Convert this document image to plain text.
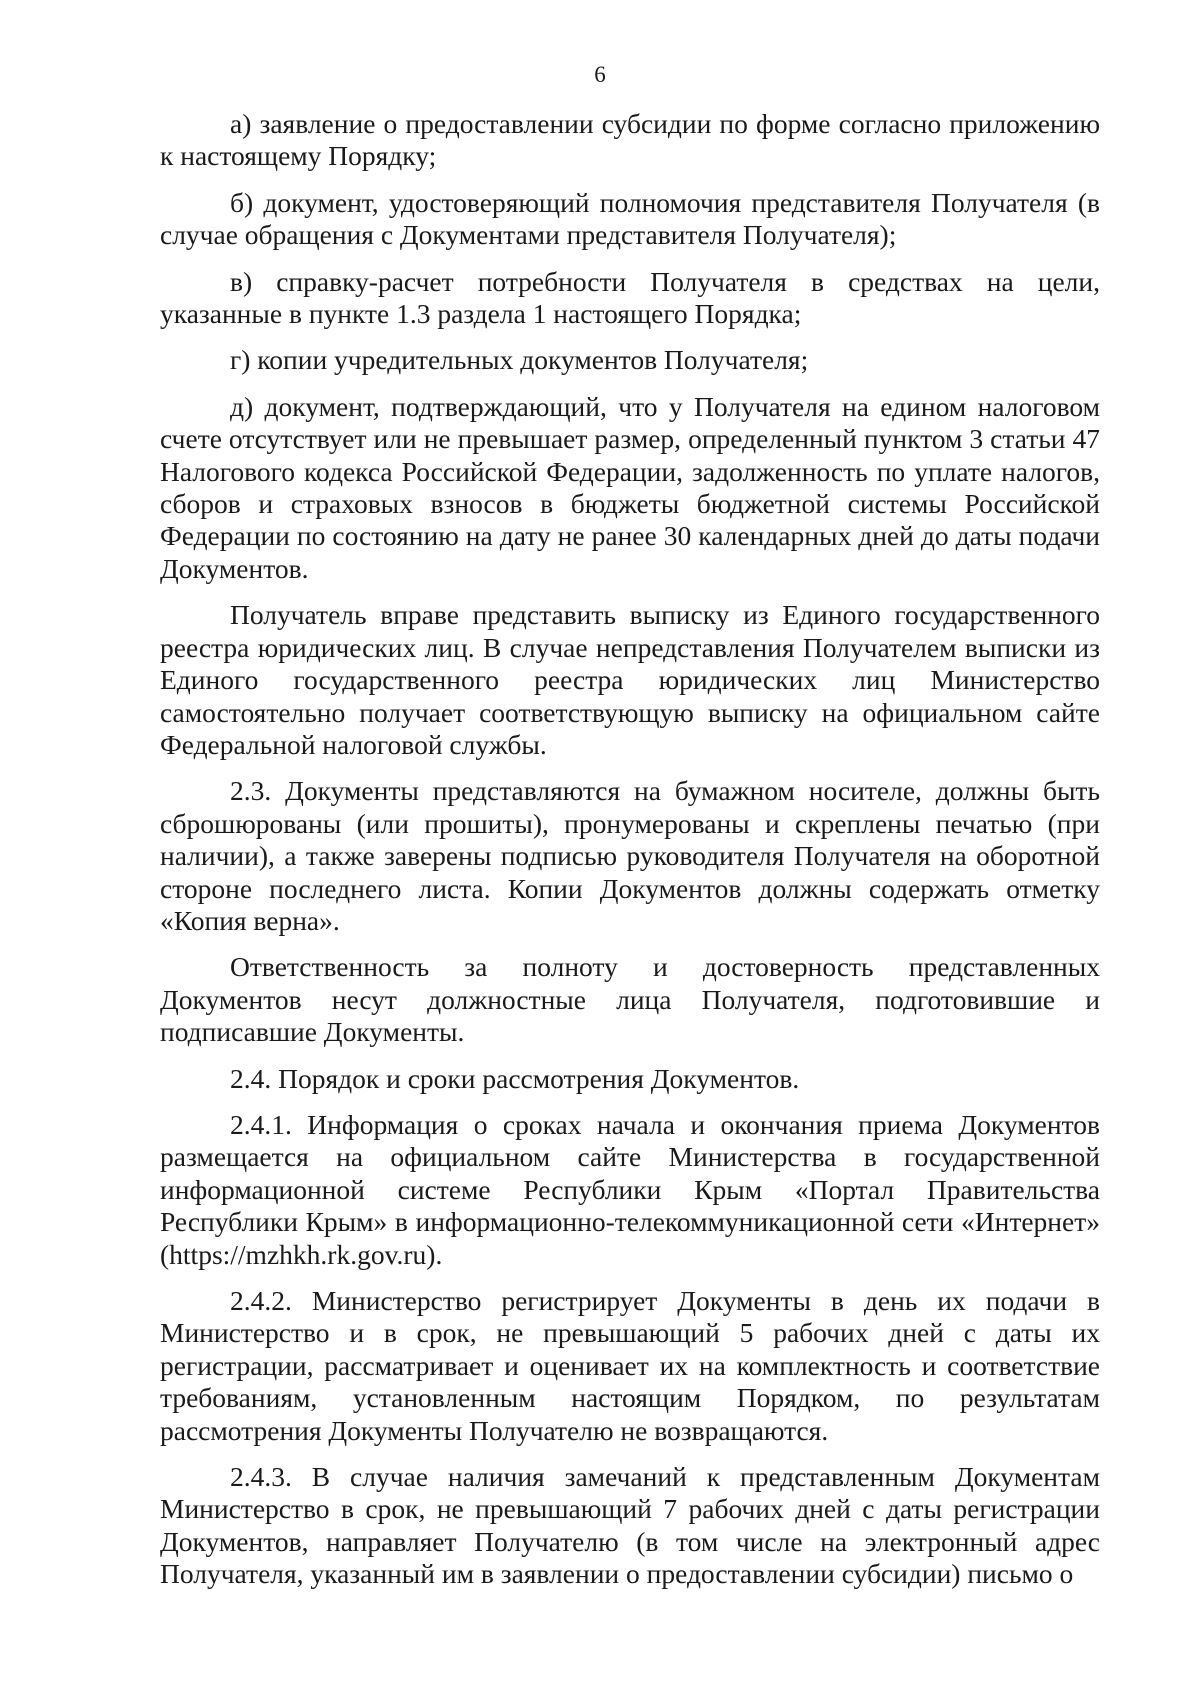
6

а) заявление о предоставлении субсидии по форме согласно приложению к настоящему Порядку;

б) документ, удостоверяющий полномочия представителя Получателя (в случае обращения с Документами представителя Получателя);

в) справку-расчет потребности Получателя в средствах на цели, указанные в пункте 1.3 раздела 1 настоящего Порядка;

г) копии учредительных документов Получателя;

д) документ, подтверждающий, что у Получателя на едином налоговом счете отсутствует или не превышает размер, определенный пунктом 3 статьи 47 Налогового кодекса Российской Федерации, задолженность по уплате налогов, сборов и страховых взносов в бюджеты бюджетной системы Российской Федерации по состоянию на дату не ранее 30 календарных дней до даты подачи Документов.

Получатель вправе представить выписку из Единого государственного реестра юридических лиц. В случае непредставления Получателем выписки из Единого государственного реестра юридических лиц Министерство самостоятельно получает соответствующую выписку на официальном сайте Федеральной налоговой службы.

2.3. Документы представляются на бумажном носителе, должны быть сброшюрованы (или прошиты), пронумерованы и скреплены печатью (при наличии), а также заверены подписью руководителя Получателя на оборотной стороне последнего листа. Копии Документов должны содержать отметку «Копия верна».

Ответственность за полноту и достоверность представленных Документов несут должностные лица Получателя, подготовившие и подписавшие Документы.

2.4. Порядок и сроки рассмотрения Документов.

2.4.1. Информация о сроках начала и окончания приема Документов размещается на официальном сайте Министерства в государственной информационной системе Республики Крым «Портал Правительства Республики Крым» в информационно-телекоммуникационной сети «Интернет» (https://mzhkh.rk.gov.ru).

2.4.2. Министерство регистрирует Документы в день их подачи в Министерство и в срок, не превышающий 5 рабочих дней с даты их регистрации, рассматривает и оценивает их на комплектность и соответствие требованиям, установленным настоящим Порядком, по результатам рассмотрения Документы Получателю не возвращаются.

2.4.3. В случае наличия замечаний к представленным Документам Министерство в срок, не превышающий 7 рабочих дней с даты регистрации Документов, направляет Получателю (в том числе на электронный адрес Получателя, указанный им в заявлении о предоставлении субсидии) письмо о
